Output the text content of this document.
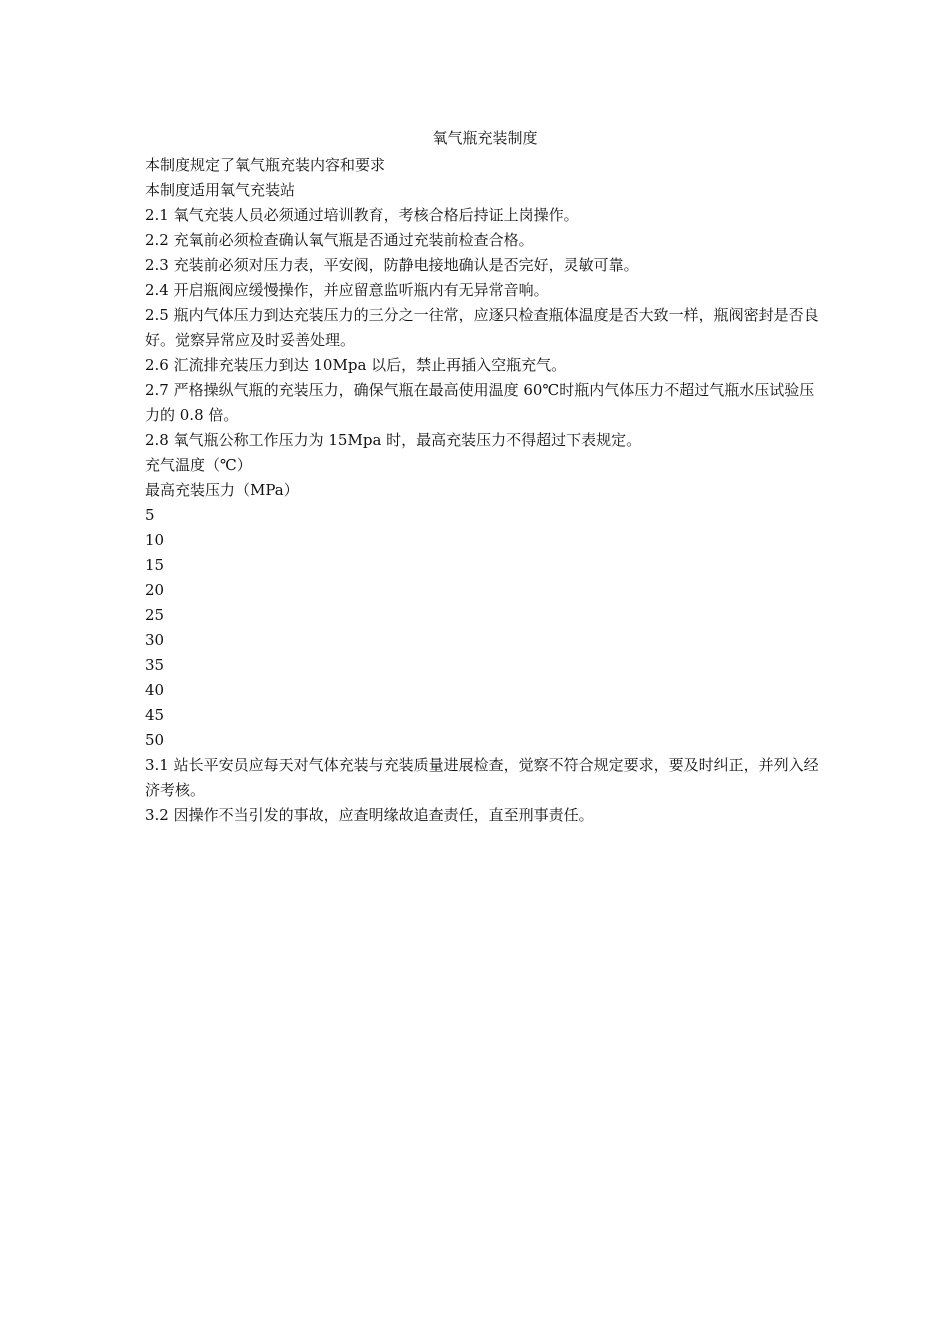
氧气瓶充装制度

本制度规定了氧气瓶充装内容和要求

本制度适用氧气充装站

2.1 氧气充装人员必须通过培训教育，考核合格后持证上岗操作。

2.2 充氧前必须检查确认氧气瓶是否通过充装前检查合格。

2.3 充装前必须对压力表，平安阀，防静电接地确认是否完好，灵敏可靠。

2.4 开启瓶阀应缓慢操作，并应留意监听瓶内有无异常音响。

2.5 瓶内气体压力到达充装压力的三分之一往常，应逐只检查瓶体温度是否大致一样，瓶阀密封是否良好。觉察异常应及时妥善处理。

2.6 汇流排充装压力到达 10Mpa 以后，禁止再插入空瓶充气。

2.7 严格操纵气瓶的充装压力，确保气瓶在最高使用温度 60℃时瓶内气体压力不超过气瓶水压试验压力的 0.8 倍。

2.8 氧气瓶公称工作压力为 15Mpa 时，最高充装压力不得超过下表规定。

充气温度（℃）

最高充装压力（MPa）

5

10

15

20

25

30

35

40

45

50

3.1 站长平安员应每天对气体充装与充装质量进展检查，觉察不符合规定要求，要及时纠正，并列入经济考核。

3.2 因操作不当引发的事故，应查明缘故追查责任，直至刑事责任。
